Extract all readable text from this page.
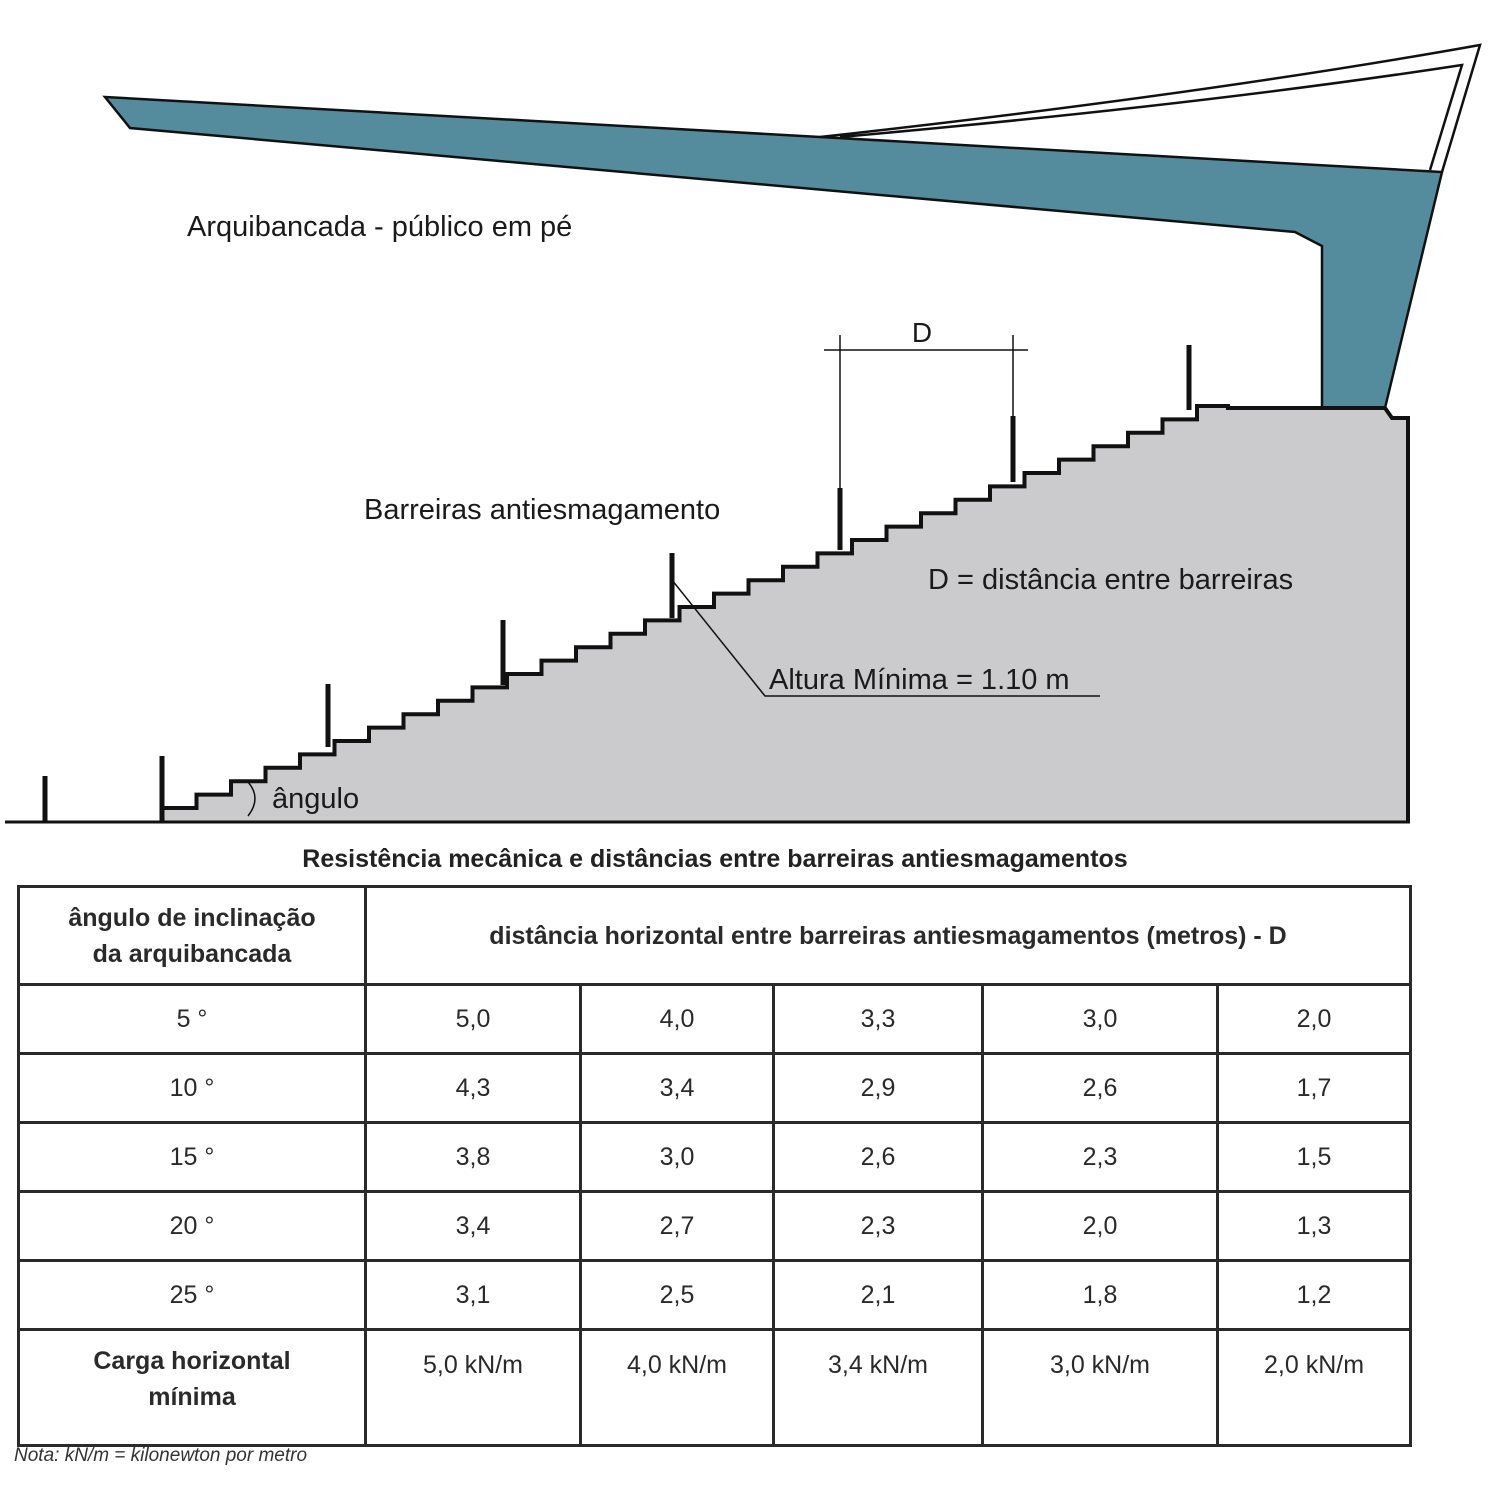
D
Arquibancada - público em pé
Barreiras antiesmagamento
D = distância entre barreiras
Altura Mínima = 1.10 m
ângulo
Resistência mecânica e distâncias entre barreiras antiesmagamentos
ângulo de inclinação
da arquibancada	distância horizontal entre barreiras antiesmagamentos (metros) - D				
5 °	5,0	4,0	3,3	3,0	2,0
10 °	4,3	3,4	2,9	2,6	1,7
15 °	3,8	3,0	2,6	2,3	1,5
20 °	3,4	2,7	2,3	2,0	1,3
25 °	3,1	2,5	2,1	1,8	1,2

Carga horizontal
mínima	5,0 kN/m	4,0 kN/m	3,4 kN/m	3,0 kN/m	2,0 kN/m
Nota: kN/m = kilonewton por metro
